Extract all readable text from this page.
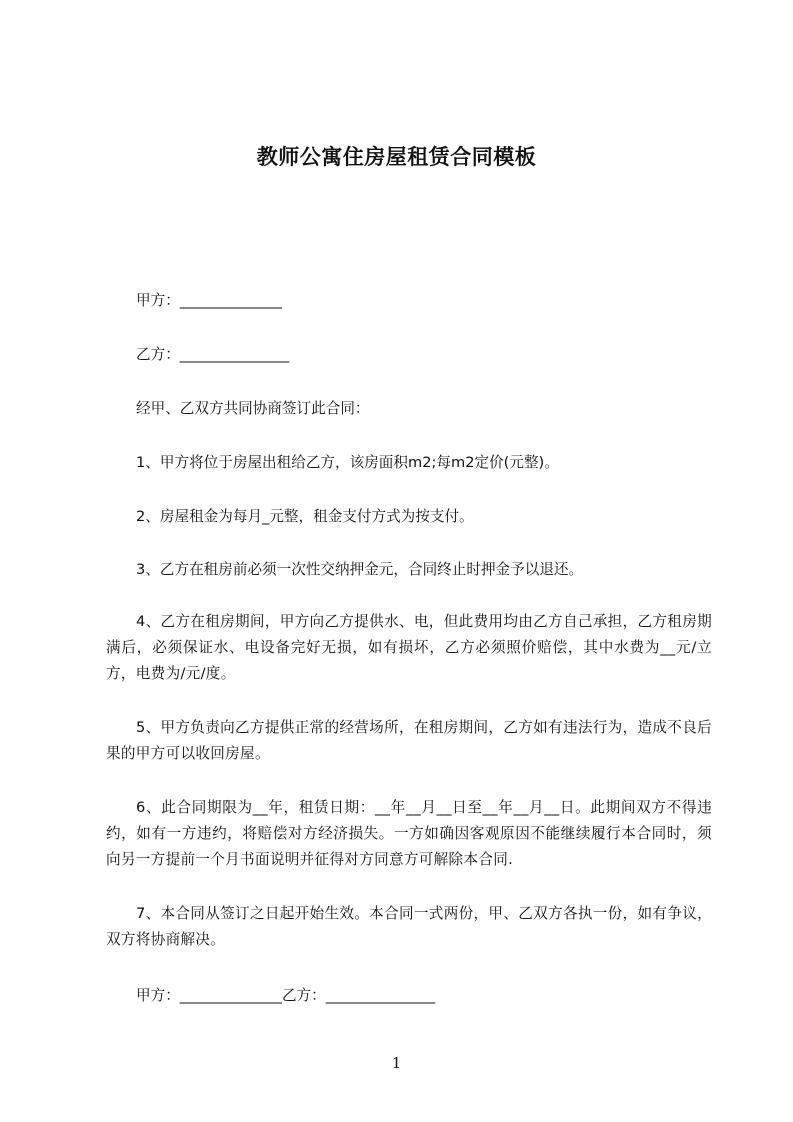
教师公寓住房屋租赁合同模板
甲方：______________
乙方：_______________
经甲、乙双方共同协商签订此合同：
1、甲方将位于房屋出租给乙方，该房面积m2;每m2定价(元整)。
2、房屋租金为每月_元整，租金支付方式为按支付。
3、乙方在租房前必须一次性交纳押金元，合同终止时押金予以退还。
4、乙方在租房期间，甲方向乙方提供水、电，但此费用均由乙方自己承担，乙方租房期满后，必须保证水、电设备完好无损，如有损坏，乙方必须照价赔偿，其中水费为__元/立方，电费为/元/度。
5、甲方负责向乙方提供正常的经营场所，在租房期间，乙方如有违法行为，造成不良后果的甲方可以收回房屋。
6、此合同期限为__年，租赁日期：__年__月__日至__年__月__日。此期间双方不得违约，如有一方违约，将赔偿对方经济损失。一方如确因客观原因不能继续履行本合同时，须向另一方提前一个月书面说明并征得对方同意方可解除本合同.
7、本合同从签订之日起开始生效。本合同一式两份，甲、乙双方各执一份，如有争议，双方将协商解决。
甲方：______________乙方：_______________
1
